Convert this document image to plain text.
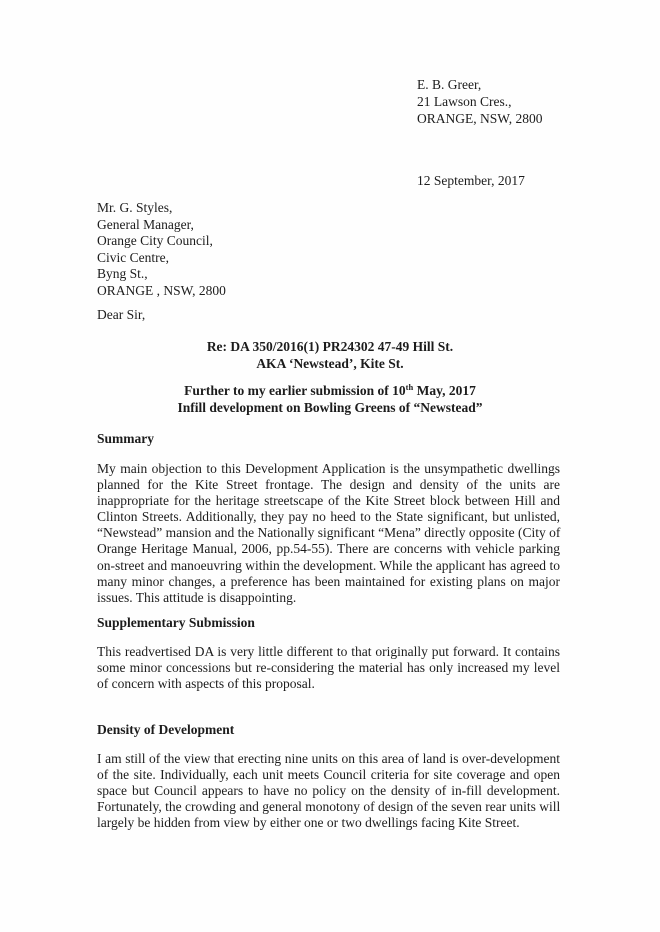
E. B. Greer,
21 Lawson Cres.,
ORANGE, NSW, 2800
12 September, 2017
Mr. G. Styles,
General Manager,
Orange City Council,
Civic Centre,
Byng St.,
ORANGE , NSW, 2800
Dear Sir,
Re: DA 350/2016(1) PR24302 47-49 Hill St.
AKA ‘Newstead’, Kite St.
Further to my earlier submission of 10th May, 2017
Infill development on Bowling Greens of “Newstead”
Summary
My main objection to this Development Application is the unsympathetic dwellings
planned for the Kite Street frontage. The design and density of the units are
inappropriate for the heritage streetscape of the Kite Street block between Hill and
Clinton Streets. Additionally, they pay no heed to the State significant, but unlisted,
“Newstead” mansion and the Nationally significant “Mena” directly opposite (City of
Orange Heritage Manual, 2006, pp.54-55). There are concerns with vehicle parking
on-street and manoeuvring within the development. While the applicant has agreed to
many minor changes, a preference has been maintained for existing plans on major
issues. This attitude is disappointing.
Supplementary Submission
This readvertised DA is very little different to that originally put forward. It contains
some minor concessions but re-considering the material has only increased my level
of concern with aspects of this proposal.
Density of Development
I am still of the view that erecting nine units on this area of land is over-development
of the site. Individually, each unit meets Council criteria for site coverage and open
space but Council appears to have no policy on the density of in-fill development.
Fortunately, the crowding and general monotony of design of the seven rear units will
largely be hidden from view by either one or two dwellings facing Kite Street.
